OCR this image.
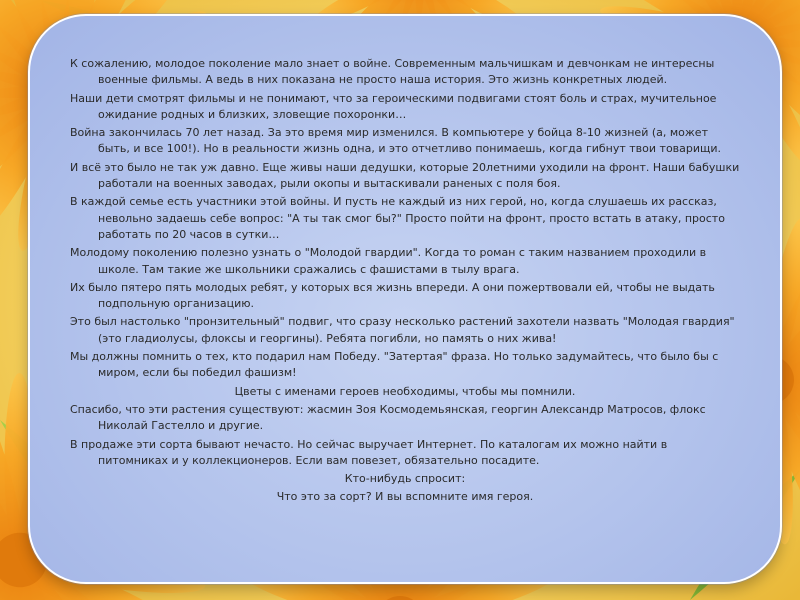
К сожалению, молодое поколение мало знает о войне. Современным мальчишкам и девчонкам не интересны военные фильмы. А ведь в них показана не просто наша история. Это жизнь конкретных людей.

Наши дети смотрят фильмы и не понимают, что за героическими подвигами стоят боль и страх, мучительное ожидание родных и близких, зловещие похоронки…

Война закончилась 70 лет назад. За это время мир изменился. В компьютере у бойца 8-10 жизней (а, может быть, и все 100!). Но в реальности жизнь одна, и это отчетливо понимаешь, когда гибнут твои товарищи.

И всё это было не так уж давно. Еще живы наши дедушки, которые 20летними уходили на фронт. Наши бабушки работали на военных заводах, рыли окопы и вытаскивали раненых с поля боя.

В каждой семье есть участники этой войны. И пусть не каждый из них герой, но, когда слушаешь их рассказ, невольно задаешь себе вопрос: "А ты так смог бы?" Просто пойти на фронт, просто встать в атаку, просто работать по 20 часов в сутки…

Молодому поколению полезно узнать о "Молодой гвардии". Когда то роман с таким названием проходили в школе. Там такие же школьники сражались с фашистами в тылу врага.

Их было пятеро пять молодых ребят, у которых вся жизнь впереди. А они пожертвовали ей, чтобы не выдать подпольную организацию.

Это был настолько "пронзительный" подвиг, что сразу несколько растений захотели назвать "Молодая гвардия" (это гладиолусы, флоксы и георгины). Ребята погибли, но память о них жива!

Мы должны помнить о тех, кто подарил нам Победу. "Затертая" фраза. Но только задумайтесь, что было бы с миром, если бы победил фашизм!

Цветы с именами героев необходимы, чтобы мы помнили.

Спасибо, что эти растения существуют: жасмин Зоя Космодемьянская, георгин Александр Матросов, флокс Николай Гастелло и другие.

В продаже эти сорта бывают нечасто. Но сейчас выручает Интернет. По каталогам их можно найти в питомниках и у коллекционеров. Если вам повезет, обязательно посадите.

Кто-нибудь спросит:

Что это за сорт? И вы вспомните имя героя.
